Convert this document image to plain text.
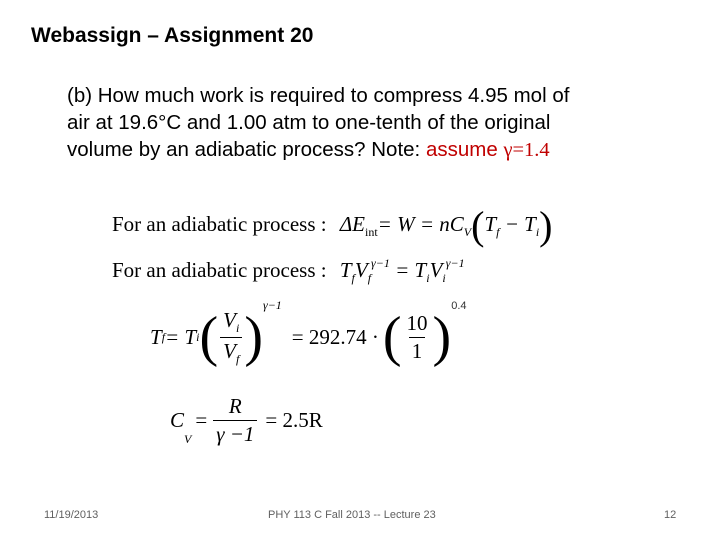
Webassign – Assignment 20
(b) How much work is required to compress 4.95 mol of
air at 19.6°C and 1.00 atm to one-tenth of the original
volume by an adiabatic process? Note: assume γ=1.4
For an adiabatic process : $\Delta E_{int}= W = nC_V(T_f - T_i)$
For an adiabatic process : $T_fV_f^{\gamma-1} = T_iV_i^{\gamma-1}$
T f = T i ( $\frac{V_i}{V_f}$ )
$^{\gamma-1}$
= 292.74 · ( $\frac{10}{1} )^{0.4}$
C
$_V$
= $\frac{R}{\gamma -1} = 2.5R$
11/19/2013	PHY 113 C Fall 2013 -- Lecture 23	12
